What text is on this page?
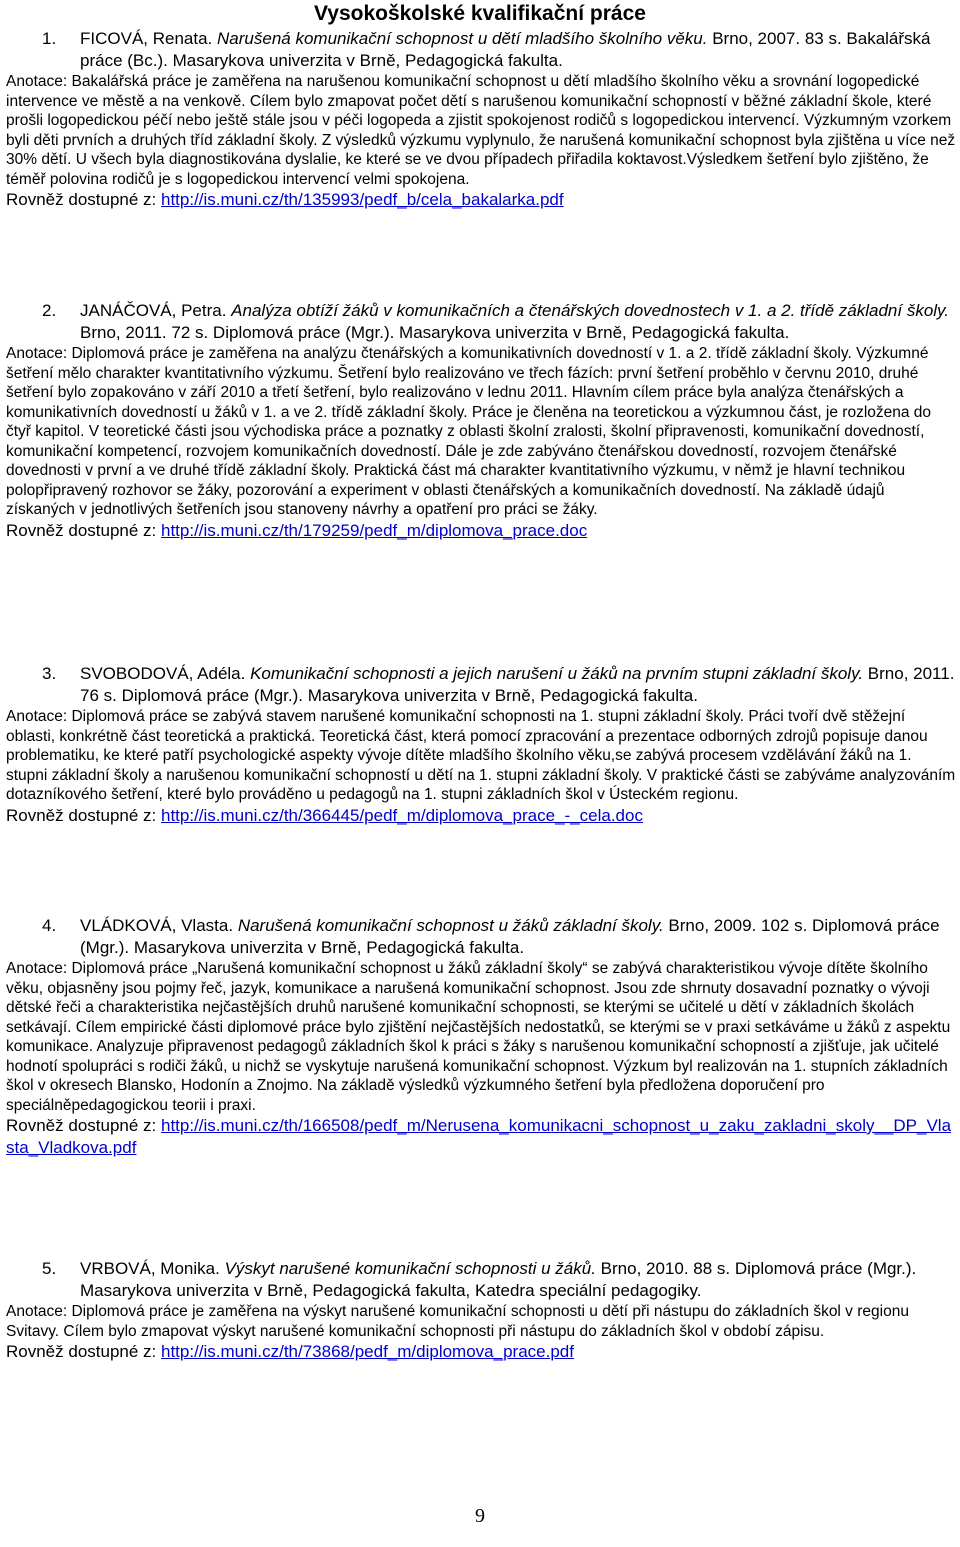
Vysokoškolské kvalifikační práce
1. FICOVÁ, Renata. Narušená komunikační schopnost u dětí mladšího školního věku. Brno, 2007. 83 s. Bakalářská práce (Bc.). Masarykova univerzita v Brně, Pedagogická fakulta.
Anotace: Bakalářská práce je zaměřena na narušenou komunikační schopnost u dětí mladšího školního věku a srovnání logopedické intervence ve městě a na venkově. Cílem bylo zmapovat počet dětí s narušenou komunikační schopností v běžné základní škole, které prošli logopedickou péčí nebo ještě stále jsou v péči logopeda a zjistit spokojenost rodičů s logopedickou intervencí. Výzkumným vzorkem byli děti prvních a druhých tříd základní školy. Z výsledků výzkumu vyplynulo, že narušená komunikační schopnost byla zjištěna u více než 30% dětí. U všech byla diagnostikována dyslalie, ke které se ve dvou případech přiřadila koktavost.Výsledkem šetření bylo zjištěno, že téměř polovina rodičů je s logopedickou intervencí velmi spokojena.
Rovněž dostupné z: http://is.muni.cz/th/135993/pedf_b/cela_bakalarka.pdf
2. JANÁČOVÁ, Petra. Analýza obtíží žáků v komunikačních a čtenářských dovednostech v 1. a 2. třídě základní školy. Brno, 2011. 72 s. Diplomová práce (Mgr.). Masarykova univerzita v Brně, Pedagogická fakulta.
Anotace: Diplomová práce je zaměřena na analýzu čtenářských a komunikativních dovedností v 1. a 2. třídě základní školy. Výzkumné šetření mělo charakter kvantitativního výzkumu. Šetření bylo realizováno ve třech fázích: první šetření proběhlo v červnu 2010, druhé šetření bylo zopakováno v září 2010 a třetí šetření, bylo realizováno v lednu 2011. Hlavním cílem práce byla analýza čtenářských a komunikativních dovedností u žáků v 1. a ve 2. třídě základní školy. Práce je členěna na teoretickou a výzkumnou část, je rozložena do čtyř kapitol. V teoretické části jsou východiska práce a poznatky z oblasti školní zralosti, školní připravenosti, komunikační dovedností, komunikační kompetencí, rozvojem komunikačních dovedností. Dále je zde zabýváno čtenářskou dovedností, rozvojem čtenářské dovednosti v první a ve druhé třídě základní školy. Praktická část má charakter kvantitativního výzkumu, v němž je hlavní technikou polopřipravený rozhovor se žáky, pozorování a experiment v oblasti čtenářských a komunikačních dovedností. Na základě údajů získaných v jednotlivých šetřeních jsou stanoveny návrhy a opatření pro práci se žáky.
Rovněž dostupné z: http://is.muni.cz/th/179259/pedf_m/diplomova_prace.doc
3. SVOBODOVÁ, Adéla. Komunikační schopnosti a jejich narušení u žáků na prvním stupni základní školy. Brno, 2011. 76 s. Diplomová práce (Mgr.). Masarykova univerzita v Brně, Pedagogická fakulta.
Anotace: Diplomová práce se zabývá stavem narušené komunikační schopnosti na 1. stupni základní školy. Práci tvoří dvě stěžejní oblasti, konkrétně část teoretická a praktická. Teoretická část, která pomocí zpracování a prezentace odborných zdrojů popisuje danou problematiku, ke které patří psychologické aspekty vývoje dítěte mladšího školního věku,se zabývá procesem vzdělávání žáků na 1. stupni základní školy a narušenou komunikační schopností u dětí na 1. stupni základní školy. V praktické části se zabýváme analyzováním dotazníkového šetření, které bylo prováděno u pedagogů na 1. stupni základních škol v Ústeckém regionu.
Rovněž dostupné z: http://is.muni.cz/th/366445/pedf_m/diplomova_prace_-_cela.doc
4. VLÁDKOVÁ, Vlasta. Narušená komunikační schopnost u žáků základní školy. Brno, 2009. 102 s. Diplomová práce (Mgr.). Masarykova univerzita v Brně, Pedagogická fakulta.
Anotace: Diplomová práce „Narušená komunikační schopnost u žáků základní školy“ se zabývá charakteristikou vývoje dítěte školního věku, objasněny jsou pojmy řeč, jazyk, komunikace a narušená komunikační schopnost. Jsou zde shrnuty dosavadní poznatky o vývoji dětské řeči a charakteristika nejčastějších druhů narušené komunikační schopnosti, se kterými se učitelé u dětí v základních školách setkávají. Cílem empirické části diplomové práce bylo zjištění nejčastějších nedostatků, se kterými se v praxi setkáváme u žáků z aspektu komunikace. Analyzuje připravenost pedagogů základních škol k práci s žáky s narušenou komunikační schopností a zjišťuje, jak učitelé hodnotí spolupráci s rodiči žáků, u nichž se vyskytuje narušená komunikační schopnost. Výzkum byl realizován na 1. stupních základních škol v okresech Blansko, Hodonín a Znojmo. Na základě výsledků výzkumného šetření byla předložena doporučení pro speciálněpedagogickou teorii i praxi.
Rovněž dostupné z: http://is.muni.cz/th/166508/pedf_m/Nerusena_komunikacni_schopnost_u_zaku_zakladni_skoly__DP_Vlasta_Vladkova.pdf
5. VRBOVÁ, Monika. Výskyt narušené komunikační schopnosti u žáků. Brno, 2010. 88 s. Diplomová práce (Mgr.). Masarykova univerzita v Brně, Pedagogická fakulta, Katedra speciální pedagogiky.
Anotace: Diplomová práce je zaměřena na výskyt narušené komunikační schopnosti u dětí při nástupu do základních škol v regionu Svitavy. Cílem bylo zmapovat výskyt narušené komunikační schopnosti při nástupu do základních škol v období zápisu.
Rovněž dostupné z: http://is.muni.cz/th/73868/pedf_m/diplomova_prace.pdf
9
